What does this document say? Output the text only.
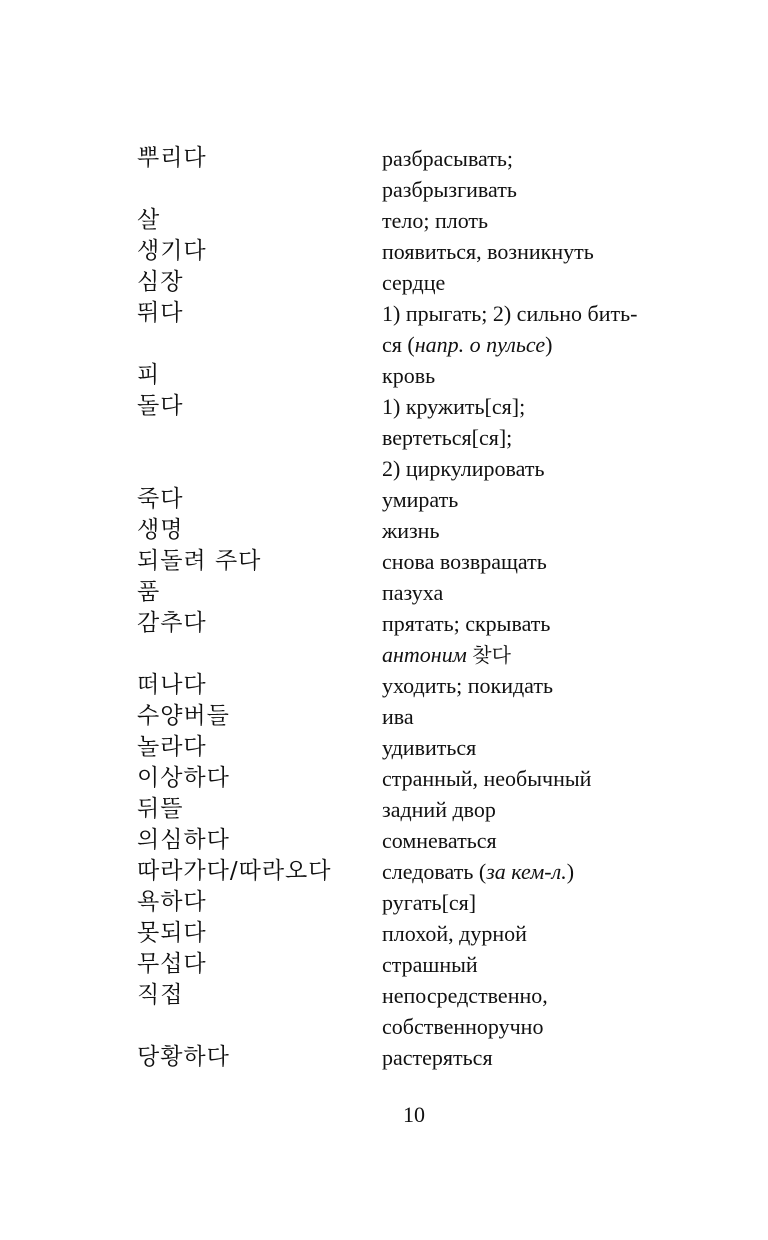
뿌리다	разбрасывать;
разбрызгивать
살	тело; плоть
생기다	появиться, возникнуть
심장	сердце
뛰다	1) прыгать; 2) сильно бить-
ся (напр. о пульсе)
피	кровь
돌다	1) кружить[ся];
вертеться[ся];
2) циркулировать
죽다	умирать
생명	жизнь
되돌려 주다	снова возвращать
품	пазуха
감추다	прятать; скрывать
антоним 찾다
떠나다	уходить; покидать
수양버들	ива
놀라다	удивиться
이상하다	странный, необычный
뒤뜰	задний двор
의심하다	сомневаться
따라가다/따라오다	следовать (за кем-л.)
욕하다	ругать[ся]
못되다	плохой, дурной
무섭다	страшный
직접	непосредственно,
собственноручно
당황하다	растеряться
10
